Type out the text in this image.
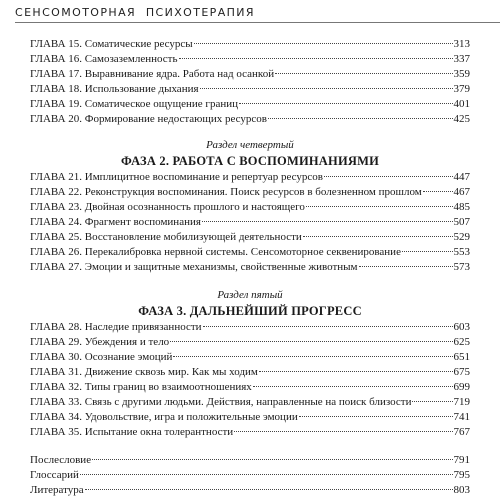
СЕНСОМОТОРНАЯ  ПСИХОТЕРАПИЯ
ГЛАВА 15. Соматические ресурсы	313
ГЛАВА 16. Самозаземленность	337
ГЛАВА 17. Выравнивание ядра. Работа над осанкой	359
ГЛАВА 18. Использование дыхания	379
ГЛАВА 19. Соматическое ощущение границ	401
ГЛАВА 20. Формирование недостающих ресурсов	425
Раздел четвертый
ФАЗА 2. РАБОТА С ВОСПОМИНАНИЯМИ
ГЛАВА 21. Имплицитное воспоминание и репертуар ресурсов	447
ГЛАВА 22. Реконструкция воспоминания. Поиск ресурсов в болезненном прошлом	467
ГЛАВА 23. Двойная осознанность прошлого и настоящего	485
ГЛАВА 24. Фрагмент воспоминания	507
ГЛАВА 25. Восстановление мобилизующей деятельности	529
ГЛАВА 26. Перекалибровка нервной системы. Сенсомоторное секвенирование	553
ГЛАВА 27. Эмоции и защитные механизмы, свойственные животным	573
Раздел пятый
ФАЗА 3. ДАЛЬНЕЙШИЙ ПРОГРЕСС
ГЛАВА 28. Наследие привязанности	603
ГЛАВА 29. Убеждения и тело	625
ГЛАВА 30. Осознание эмоций	651
ГЛАВА 31. Движение сквозь мир. Как мы ходим	675
ГЛАВА 32. Типы границ во взаимоотношениях	699
ГЛАВА 33. Связь с другими людьми. Действия, направленные на поиск близости	719
ГЛАВА 34. Удовольствие, игра и положительные эмоции	741
ГЛАВА 35. Испытание окна толерантности	767
Послесловие	791
Глоссарий	795
Литература	803
